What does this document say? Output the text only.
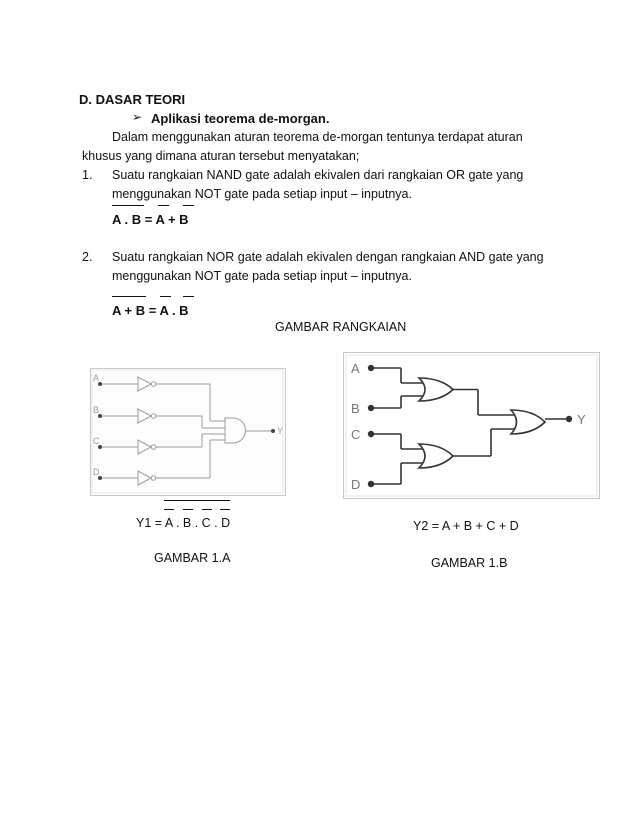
D. DASAR TEORI
➢ Aplikasi teorema de-morgan.
Dalam menggunakan aturan teorema de-morgan tentunya terdapat aturan
khusus yang dimana aturan tersebut menyatakan;
1. Suatu rangkaian NAND gate adalah ekivalen dari rangkaian OR gate yang
menggunakan NOT gate pada setiap input – inputnya.
A . B = A + B
2. Suatu rangkaian NOR gate adalah ekivalen dengan rangkaian AND gate yang
menggunakan NOT gate pada setiap input – inputnya.
A + B = A . B
GAMBAR RANGKAIAN
A
B
C
D
Y
Y1 = A . B . C . D
GAMBAR 1.A
A
B
C
D
Y
Y2 = A + B + C + D
GAMBAR 1.B
